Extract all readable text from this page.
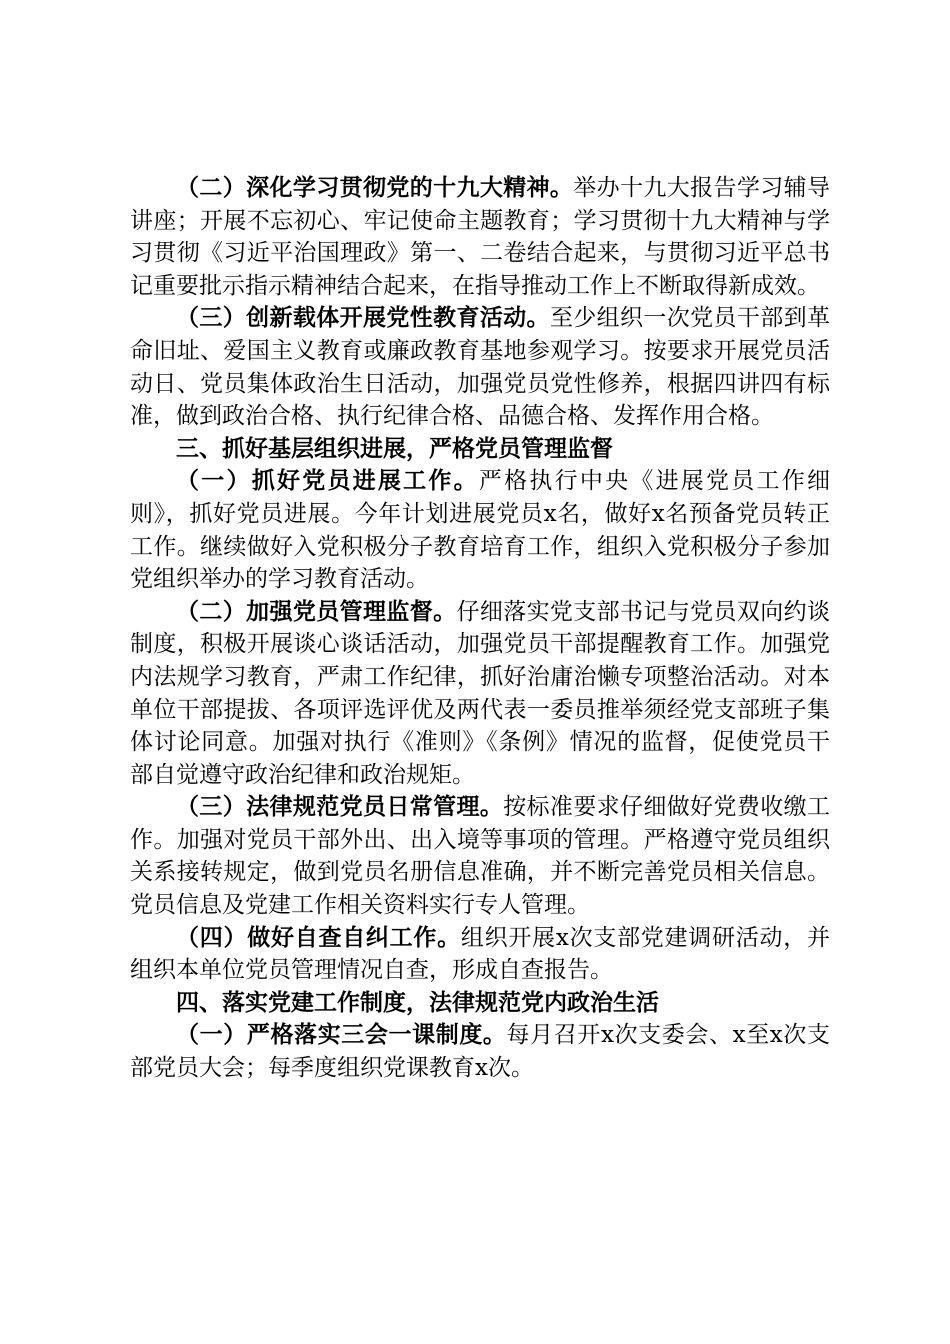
（二）深化学习贯彻党的十九大精神。举办十九大报告学习辅导讲座；开展不忘初心、牢记使命主题教育；学习贯彻十九大精神与学习贯彻《习近平治国理政》第一、二卷结合起来，与贯彻习近平总书记重要批示指示精神结合起来，在指导推动工作上不断取得新成效。

（三）创新载体开展党性教育活动。至少组织一次党员干部到革命旧址、爱国主义教育或廉政教育基地参观学习。按要求开展党员活动日、党员集体政治生日活动，加强党员党性修养，根据四讲四有标准，做到政治合格、执行纪律合格、品德合格、发挥作用合格。

三、抓好基层组织进展，严格党员管理监督

（一）抓好党员进展工作。严格执行中央《进展党员工作细则》，抓好党员进展。今年计划进展党员x名，做好x名预备党员转正工作。继续做好入党积极分子教育培育工作，组织入党积极分子参加党组织举办的学习教育活动。

（二）加强党员管理监督。仔细落实党支部书记与党员双向约谈制度，积极开展谈心谈话活动，加强党员干部提醒教育工作。加强党内法规学习教育，严肃工作纪律，抓好治庸治懒专项整治活动。对本单位干部提拔、各项评选评优及两代表一委员推举须经党支部班子集体讨论同意。加强对执行《准则》《条例》情况的监督，促使党员干部自觉遵守政治纪律和政治规矩。

（三）法律规范党员日常管理。按标准要求仔细做好党费收缴工作。加强对党员干部外出、出入境等事项的管理。严格遵守党员组织关系接转规定，做到党员名册信息准确，并不断完善党员相关信息。党员信息及党建工作相关资料实行专人管理。

（四）做好自查自纠工作。组织开展x次支部党建调研活动，并组织本单位党员管理情况自查，形成自查报告。

四、落实党建工作制度，法律规范党内政治生活

（一）严格落实三会一课制度。每月召开x次支委会、x至x次支部党员大会；每季度组织党课教育x次。
